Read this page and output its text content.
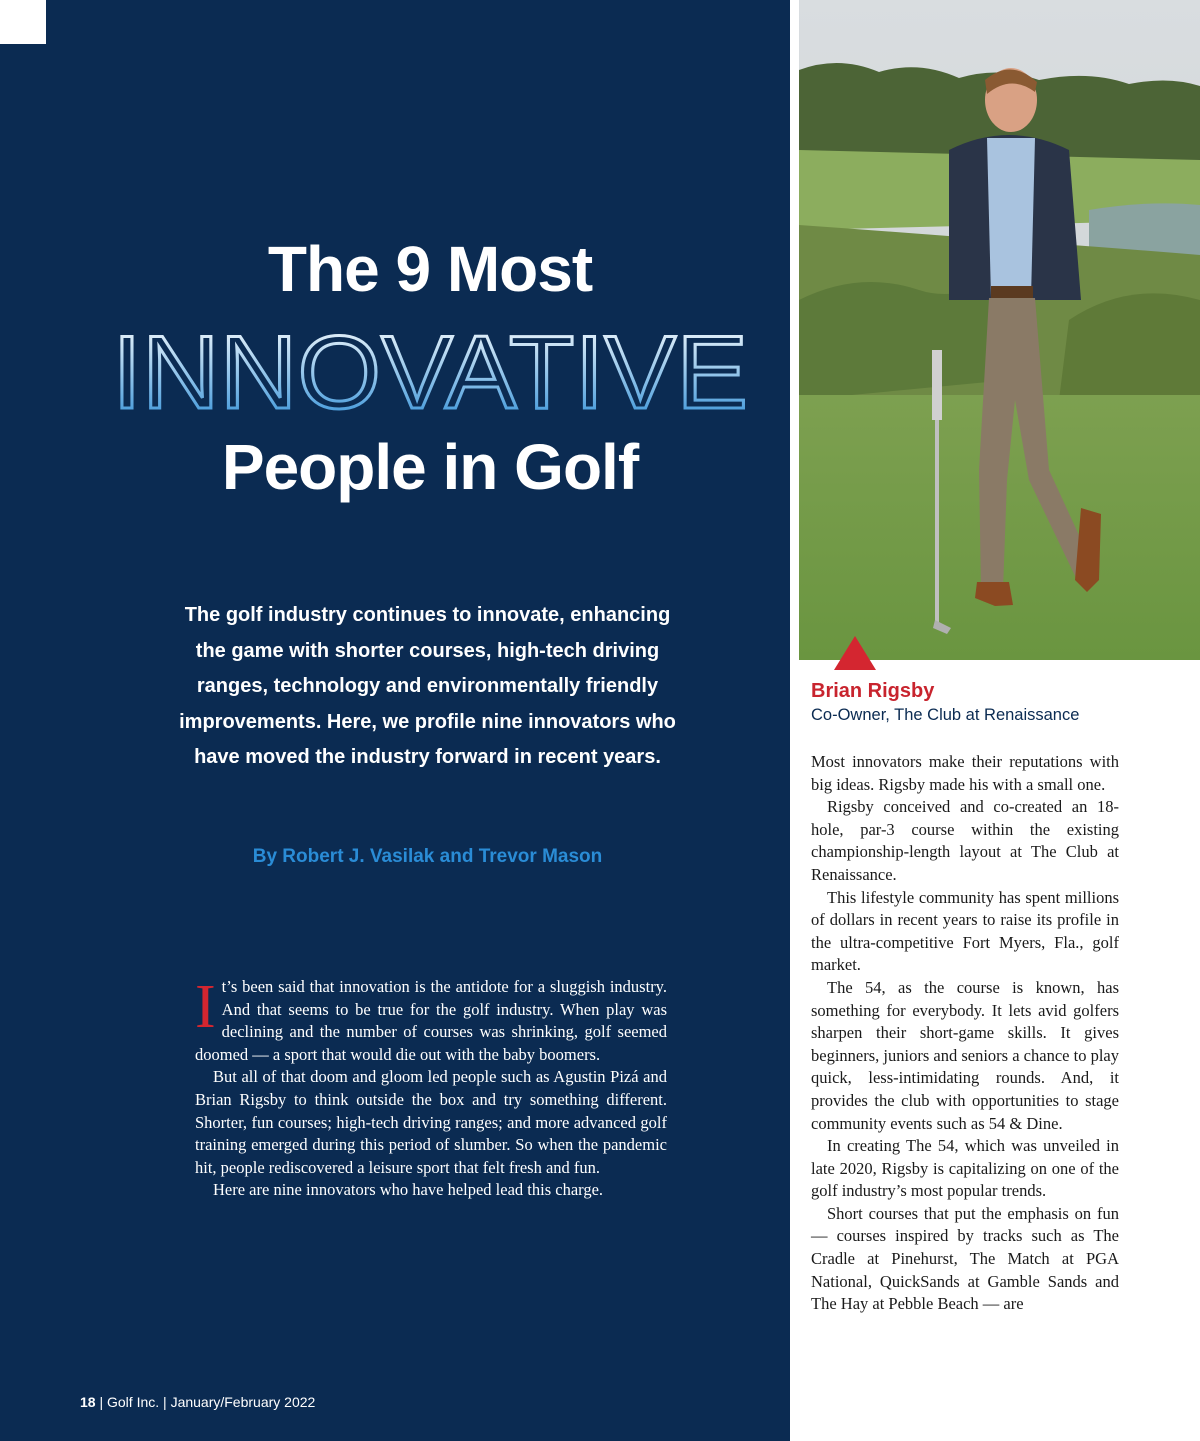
The 9 Most
INNOVATIVE
People in Golf
The golf industry continues to innovate, enhancing the game with shorter courses, high-tech driving ranges, technology and environmentally friendly improvements. Here, we profile nine innovators who have moved the industry forward in recent years.
By Robert J. Vasilak and Trevor Mason

It’s been said that innovation is the antidote for a sluggish industry. And that seems to be true for the golf industry. When play was declining and the number of courses was shrinking, golf seemed doomed — a sport that would die out with the baby boomers.

But all of that doom and gloom led people such as Agustin Pizá and Brian Rigsby to think outside the box and try something different. Shorter, fun courses; high-tech driving ranges; and more advanced golf training emerged during this period of slumber. So when the pandemic hit, people rediscovered a leisure sport that felt fresh and fun.

Here are nine innovators who have helped lead this charge.

18 | Golf Inc. | January/February 2022
Brian Rigsby
Co-Owner, The Club at Renaissance

Most innovators make their reputations with big ideas. Rigsby made his with a small one.

Rigsby conceived and co-created an 18-hole, par-3 course within the existing championship-length layout at The Club at Renaissance.

This lifestyle community has spent millions of dollars in recent years to raise its profile in the ultra-competitive Fort Myers, Fla., golf market.

The 54, as the course is known, has something for everybody. It lets avid golfers sharpen their short-game skills. It gives beginners, juniors and seniors a chance to play quick, less-intimidating rounds. And, it provides the club with opportunities to stage community events such as 54 & Dine.

In creating The 54, which was unveiled in late 2020, Rigsby is capitalizing on one of the golf industry’s most popular trends.

Short courses that put the emphasis on fun — courses inspired by tracks such as The Cradle at Pinehurst, The Match at PGA National, QuickSands at Gamble Sands and The Hay at Pebble Beach — are
